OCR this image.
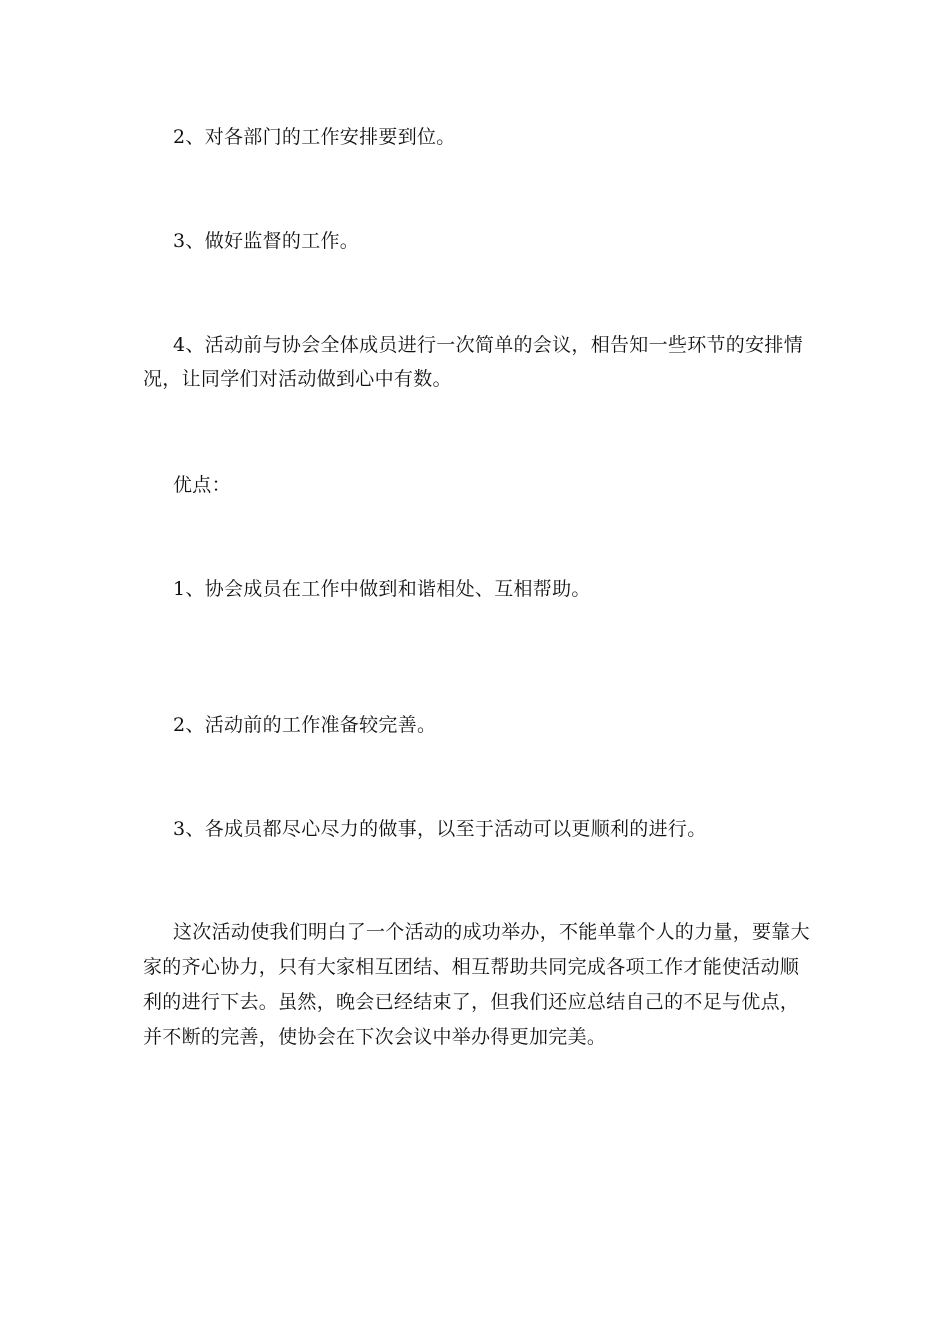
2、对各部门的工作安排要到位。

3、做好监督的工作。

4、活动前与协会全体成员进行一次简单的会议，相告知一些环节的安排情况，让同学们对活动做到心中有数。

优点：

1、协会成员在工作中做到和谐相处、互相帮助。

2、活动前的工作准备较完善。

3、各成员都尽心尽力的做事，以至于活动可以更顺利的进行。

这次活动使我们明白了一个活动的成功举办，不能单靠个人的力量，要靠大家的齐心协力，只有大家相互团结、相互帮助共同完成各项工作才能使活动顺利的进行下去。虽然，晚会已经结束了，但我们还应总结自己的不足与优点，并不断的完善，使协会在下次会议中举办得更加完美。
